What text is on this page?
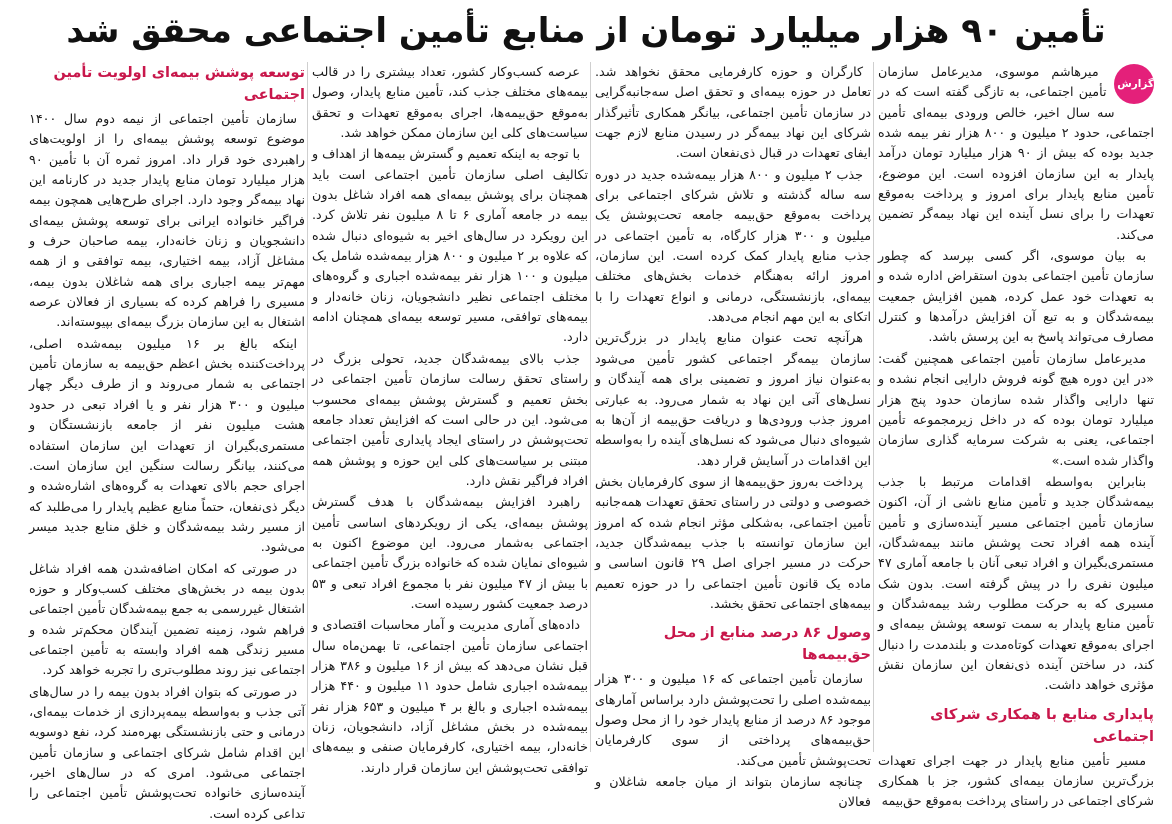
تأمین ۹۰ هزار میلیارد تومان از منابع تأمین اجتماعی محقق شد
گزارش

میرهاشم موسوی، مدیرعامل سازمان تأمین اجتماعی، به تازگی گفته است که در سه سال اخیر، خالص ورودی بیمه‌ای تأمین اجتماعی، حدود ۲ میلیون و ۸۰۰ هزار نفر بیمه شده جدید بوده که بیش از ۹۰ هزار میلیارد تومان درآمد پایدار به این سازمان افزوده است. این موضوع، تأمین منابع پایدار برای امروز و پرداخت به‌موقع تعهدات را برای نسل آینده این نهاد بیمه‌گر تضمین می‌کند.

به بیان موسوی، اگر کسی بپرسد که چطور سازمان تأمین اجتماعی بدون استقراض اداره شده و به تعهدات خود عمل کرده، همین افزایش جمعیت بیمه‌شدگان و به تبع آن افزایش درآمدها و کنترل مصارف می‌تواند پاسخ به این پرسش باشد.

مدیرعامل سازمان تأمین اجتماعی همچنین گفت: «در این دوره هیچ گونه فروش دارایی انجام نشده و تنها دارایی واگذار شده سازمان حدود پنج هزار میلیارد تومان بوده که در داخل زیرمجموعه تأمین اجتماعی، یعنی به شرکت سرمایه گذاری سازمان واگذار شده است.»

بنابراین به‌واسطه اقدامات مرتبط با جذب بیمه‌شدگان جدید و تأمین منابع ناشی از آن، اکنون سازمان تأمین اجتماعی مسیر آینده‌سازی و تأمین آینده همه افراد تحت پوشش مانند بیمه‌شدگان، مستمری‌بگیران و افراد تبعی آنان با جامعه آماری ۴۷ میلیون نفری را در پیش گرفته است. بدون شک مسیری که به حرکت مطلوب رشد بیمه‌شدگان و تأمین منابع پایدار به سمت توسعه پوشش بیمه‌ای و اجرای به‌موقع تعهدات کوتاه‌مدت و بلندمدت را دنبال کند، در ساختن آینده ذی‌نفعان این سازمان نقش مؤثری خواهد داشت.

پایداری منابع با همکاری شرکای اجتماعی

مسیر تأمین منابع پایدار در جهت اجرای تعهدات بزرگ‌ترین سازمان بیمه‌ای کشور، جز با همکاری شرکای اجتماعی در راستای پرداخت به‌موقع حق‌بیمه

کارگران و حوزه کارفرمایی محقق نخواهد شد. تعامل در حوزه بیمه‌ای و تحقق اصل سه‌جانبه‌گرایی در سازمان تأمین اجتماعی، بیانگر همکاری تأثیرگذار شرکای این نهاد بیمه‌گر در رسیدن منابع لازم جهت ایفای تعهدات در قبال ذی‌نفعان است.

جذب ۲ میلیون و ۸۰۰ هزار بیمه‌شده جدید در دوره سه ساله گذشته و تلاش شرکای اجتماعی برای پرداخت به‌موقع حق‌بیمه جامعه تحت‌پوشش یک میلیون و ۳۰۰ هزار کارگاه، به تأمین اجتماعی در جذب منابع پایدار کمک کرده است. این سازمان، امروز ارائه به‌هنگام خدمات بخش‌های مختلف بیمه‌ای، بازنشستگی، درمانی و انواع تعهدات را با اتکای به این مهم انجام می‌دهد.

هرآنچه تحت عنوان منابع پایدار در بزرگ‌ترین سازمان بیمه‌گر اجتماعی کشور تأمین می‌شود به‌عنوان نیاز امروز و تضمینی برای همه آیندگان و نسل‌های آتی این نهاد به شمار می‌رود. به عبارتی امروز جذب ورودی‌ها و دریافت حق‌بیمه از آن‌ها به شیوه‌ای دنبال می‌شود که نسل‌های آینده را به‌واسطه این اقدامات در آسایش قرار دهد.

پرداخت به‌روز حق‌بیمه‌ها از سوی کارفرمایان بخش خصوصی و دولتی در راستای تحقق تعهدات همه‌جانبه تأمین اجتماعی، به‌شکلی مؤثر انجام شده که امروز این سازمان توانسته با جذب بیمه‌شدگان جدید، حرکت در مسیر اجرای اصل ۲۹ قانون اساسی و ماده یک قانون تأمین اجتماعی را در حوزه تعمیم بیمه‌های اجتماعی تحقق بخشد.

وصول ۸۶ درصد منابع از محل حق‌بیمه‌ها

سازمان تأمین اجتماعی که ۱۶ میلیون و ۳۰۰ هزار بیمه‌شده اصلی را تحت‌پوشش دارد براساس آمارهای موجود ۸۶ درصد از منابع پایدار خود را از محل وصول حق‌بیمه‌های پرداختی از سوی کارفرمایان تحت‌پوشش تأمین می‌کند.

چنانچه سازمان بتواند از میان جامعه شاغلان و فعالان

عرصه کسب‌وکار کشور، تعداد بیشتری را در قالب بیمه‌های مختلف جذب کند، تأمین منابع پایدار، وصول به‌موقع حق‌بیمه‌ها، اجرای به‌موقع تعهدات و تحقق سیاست‌های کلی این سازمان ممکن خواهد شد.

با توجه به اینکه تعمیم و گسترش بیمه‌ها از اهداف و تکالیف اصلی سازمان تأمین اجتماعی است باید همچنان برای پوشش بیمه‌ای همه افراد شاغل بدون بیمه در جامعه آماری ۶ تا ۸ میلیون نفر تلاش کرد. این رویکرد در سال‌های اخیر به شیوه‌ای دنبال شده که علاوه بر ۲ میلیون و ۸۰۰ هزار بیمه‌شده شامل یک میلیون و ۱۰۰ هزار نفر بیمه‌شده اجباری و گروه‌های مختلف اجتماعی نظیر دانشجویان، زنان خانه‌دار و بیمه‌های توافقی، مسیر توسعه بیمه‌ای همچنان ادامه دارد.

جذب بالای بیمه‌شدگان جدید، تحولی بزرگ در راستای تحقق رسالت سازمان تأمین اجتماعی در بخش تعمیم و گسترش پوشش بیمه‌ای محسوب می‌شود. این در حالی است که افزایش تعداد جامعه تحت‌پوشش در راستای ایجاد پایداری تأمین اجتماعی مبتنی بر سیاست‌های کلی این حوزه و پوشش همه افراد فراگیر نقش دارد.

راهبرد افزایش بیمه‌شدگان با هدف گسترش پوشش بیمه‌ای، یکی از رویکردهای اساسی تأمین اجتماعی به‌شمار می‌رود. این موضوع اکنون به شیوه‌ای نمایان شده که خانواده بزرگ تأمین اجتماعی با بیش از ۴۷ میلیون نفر با مجموع افراد تبعی و ۵۳ درصد جمعیت کشور رسیده است.

داده‌های آماری مدیریت و آمار محاسبات اقتصادی و اجتماعی سازمان تأمین اجتماعی، تا بهمن‌ماه سال قبل نشان می‌دهد که بیش از ۱۶ میلیون و ۳۸۶ هزار بیمه‌شده اجباری شامل حدود ۱۱ میلیون و ۴۴۰ هزار بیمه‌شده اجباری و بالغ بر ۴ میلیون و ۶۵۳ هزار نفر بیمه‌شده در بخش مشاغل آزاد، دانشجویان، زنان خانه‌دار، بیمه اختیاری، کارفرمایان صنفی و بیمه‌های توافقی تحت‌پوشش این سازمان قرار دارند.

توسعه پوشش بیمه‌ای اولویت تأمین اجتماعی

سازمان تأمین اجتماعی از نیمه دوم سال ۱۴۰۰ موضوع توسعه پوشش بیمه‌ای را از اولویت‌های راهبردی خود قرار داد. امروز ثمره آن با تأمین ۹۰ هزار میلیارد تومان منابع پایدار جدید در کارنامه این نهاد بیمه‌گر وجود دارد. اجرای طرح‌هایی همچون بیمه فراگیر خانواده ایرانی برای توسعه پوشش بیمه‌ای دانشجویان و زنان خانه‌دار، بیمه صاحبان حرف و مشاغل آزاد، بیمه اختیاری، بیمه توافقی و از همه مهم‌تر بیمه اجباری برای همه شاغلان بدون بیمه، مسیری را فراهم کرده که بسیاری از فعالان عرصه اشتغال به این سازمان بزرگ بیمه‌ای بپیوسته‌اند.

اینکه بالغ بر ۱۶ میلیون بیمه‌شده اصلی، پرداخت‌کننده بخش اعظم حق‌بیمه به سازمان تأمین اجتماعی به شمار می‌روند و از طرف دیگر چهار میلیون و ۳۰۰ هزار نفر و یا افراد تبعی در حدود هشت میلیون نفر از جامعه بازنشستگان و مستمری‌بگیران از تعهدات این سازمان استفاده می‌کنند، بیانگر رسالت سنگین این سازمان است. اجرای حجم بالای تعهدات به گروه‌های اشاره‌شده و دیگر ذی‌نفعان، حتماً منابع عظیم پایدار را می‌طلبد که از مسیر رشد بیمه‌شدگان و خلق منابع جدید میسر می‌شود.

در صورتی که امکان اضافه‌شدن همه افراد شاغل بدون بیمه در بخش‌های مختلف کسب‌وکار و حوزه اشتغال غیررسمی به جمع بیمه‌شدگان تأمین اجتماعی فراهم شود، زمینه تضمین آیندگان محکم‌تر شده و مسیر زندگی همه افراد وابسته به تأمین اجتماعی اجتماعی نیز روند مطلوب‌تری را تجربه خواهد کرد.

در صورتی که بتوان افراد بدون بیمه را در سال‌های آتی جذب و به‌واسطه بیمه‌پردازی از خدمات بیمه‌ای، درمانی و حتی بازنشستگی بهره‌مند کرد، نفع دوسویه این اقدام شامل شرکای اجتماعی و سازمان تأمین اجتماعی می‌شود. امری که در سال‌های اخیر، آینده‌سازی خانواده تحت‌پوشش تأمین اجتماعی را تداعی کرده است.
